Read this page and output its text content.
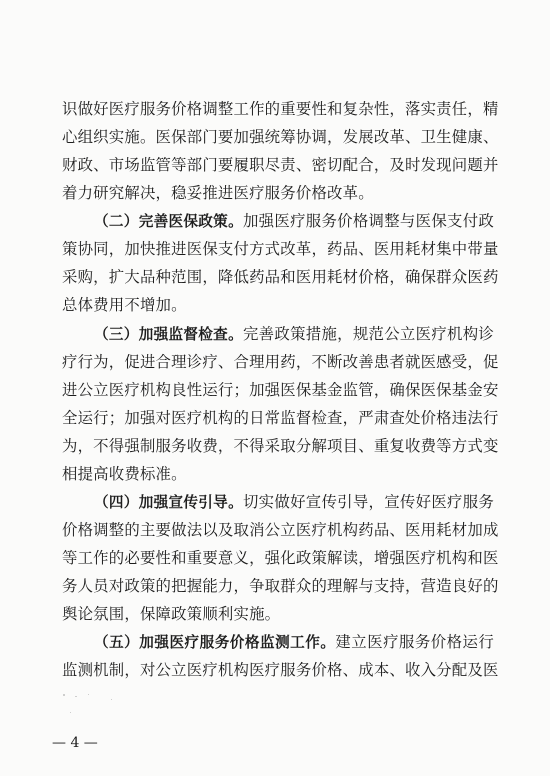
识做好医疗服务价格调整工作的重要性和复杂性，落实责任，精
心组织实施。医保部门要加强统筹协调，发展改革、卫生健康、
财政、市场监管等部门要履职尽责、密切配合，及时发现问题并
着力研究解决，稳妥推进医疗服务价格改革。
（二）完善医保政策。加强医疗服务价格调整与医保支付政
策协同，加快推进医保支付方式改革，药品、医用耗材集中带量
采购，扩大品种范围，降低药品和医用耗材价格，确保群众医药
总体费用不增加。
（三）加强监督检查。完善政策措施，规范公立医疗机构诊
疗行为，促进合理诊疗、合理用药，不断改善患者就医感受，促
进公立医疗机构良性运行；加强医保基金监管，确保医保基金安
全运行；加强对医疗机构的日常监督检查，严肃查处价格违法行
为，不得强制服务收费，不得采取分解项目、重复收费等方式变
相提高收费标准。
（四）加强宣传引导。切实做好宣传引导，宣传好医疗服务
价格调整的主要做法以及取消公立医疗机构药品、医用耗材加成
等工作的必要性和重要意义，强化政策解读，增强医疗机构和医
务人员对政策的把握能力，争取群众的理解与支持，营造良好的
舆论氛围，保障政策顺利实施。
（五）加强医疗服务价格监测工作。建立医疗服务价格运行
监测机制，对公立医疗机构医疗服务价格、成本、收入分配及医
— 4 —
